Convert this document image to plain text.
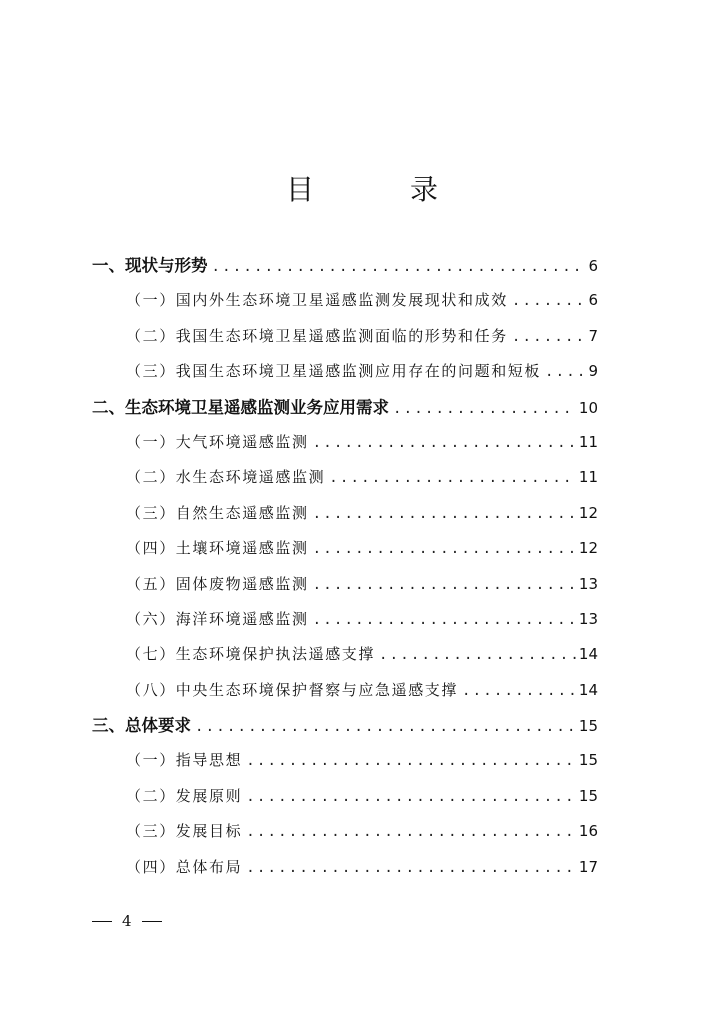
目　录
一、现状与形势 .....	6
（一）国内外生态环境卫星遥感监测发展现状和成效 .....	6
（二）我国生态环境卫星遥感监测面临的形势和任务 .....	7
（三）我国生态环境卫星遥感监测应用存在的问题和短板 .....	9
二、生态环境卫星遥感监测业务应用需求 .....	10
（一）大气环境遥感监测 .....	11
（二）水生态环境遥感监测 .....	11
（三）自然生态遥感监测 .....	12
（四）土壤环境遥感监测 .....	12
（五）固体废物遥感监测 .....	13
（六）海洋环境遥感监测 .....	13
（七）生态环境保护执法遥感支撑 .....	14
（八）中央生态环境保护督察与应急遥感支撑 .....	14
三、总体要求 .....	15
（一）指导思想 .....	15
（二）发展原则 .....	15
（三）发展目标 .....	16
（四）总体布局 .....	17
4
